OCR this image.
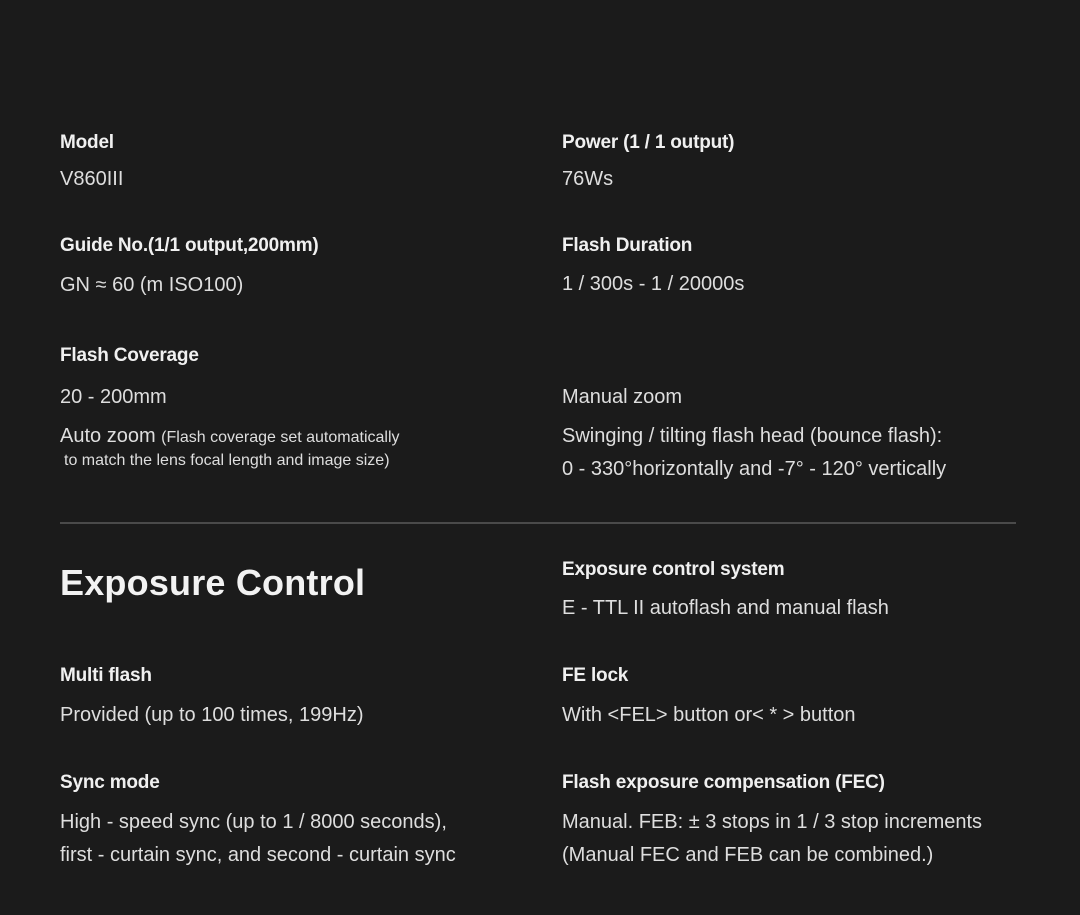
Model
V860III
Power (1 / 1 output)
76Ws
Guide No.(1/1 output,200mm)
GN ≈ 60 (m ISO100)
Flash Duration
1 / 300s - 1 / 20000s
Flash Coverage
20 - 200mm
Auto zoom (Flash coverage set automatically
to match the lens focal length and image size)
Manual zoom
Swinging / tilting flash head (bounce flash):
0 - 330°horizontally and -7° - 120° vertically
Exposure Control	Exposure control system
E - TTL II autoflash and manual flash
Multi flash
Provided (up to 100 times, 199Hz)
FE lock
With <FEL> button or< * > button
Sync mode
High - speed sync (up to 1 / 8000 seconds),
first - curtain sync, and second - curtain sync
Flash exposure compensation (FEC)
Manual. FEB: ± 3 stops in 1 / 3 stop increments
(Manual FEC and FEB can be combined.)
